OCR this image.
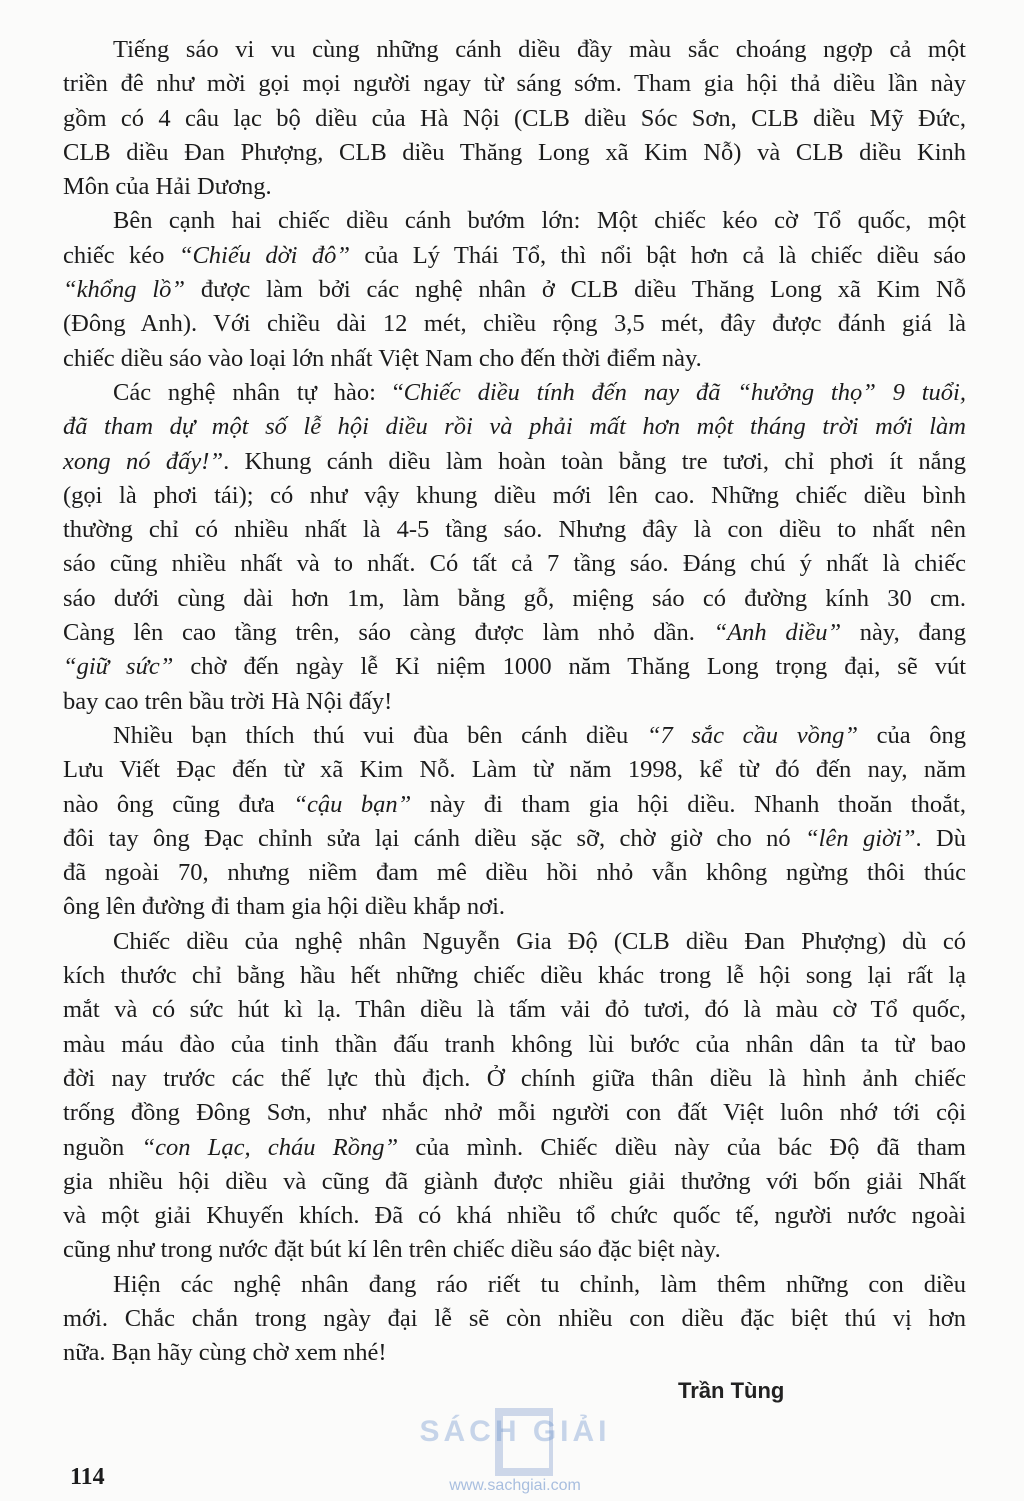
Tiếng sáo vi vu cùng những cánh diều đầy màu sắc choáng ngợp cả một
triền đê như mời gọi mọi người ngay từ sáng sớm. Tham gia hội thả diều lần này
gồm có 4 câu lạc bộ diều của Hà Nội (CLB diều Sóc Sơn, CLB diều Mỹ Đức,
CLB diều Đan Phượng, CLB diều Thăng Long xã Kim Nỗ) và CLB diều Kinh
Môn của Hải Dương.
Bên cạnh hai chiếc diều cánh bướm lớn: Một chiếc kéo cờ Tổ quốc, một
chiếc kéo “Chiếu dời đô” của Lý Thái Tổ, thì nổi bật hơn cả là chiếc diều sáo
“khổng lồ” được làm bởi các nghệ nhân ở CLB diều Thăng Long xã Kim Nỗ
(Đông Anh). Với chiều dài 12 mét, chiều rộng 3,5 mét, đây được đánh giá là
chiếc diều sáo vào loại lớn nhất Việt Nam cho đến thời điểm này.
Các nghệ nhân tự hào: “Chiếc diều tính đến nay đã “hưởng thọ” 9 tuổi,
đã tham dự một số lễ hội diều rồi và phải mất hơn một tháng trời mới làm
xong nó đấy!”. Khung cánh diều làm hoàn toàn bằng tre tươi, chỉ phơi ít nắng
(gọi là phơi tái); có như vậy khung diều mới lên cao. Những chiếc diều bình
thường chỉ có nhiều nhất là 4-5 tầng sáo. Nhưng đây là con diều to nhất nên
sáo cũng nhiều nhất và to nhất. Có tất cả 7 tầng sáo. Đáng chú ý nhất là chiếc
sáo dưới cùng dài hơn 1m, làm bằng gỗ, miệng sáo có đường kính 30 cm.
Càng lên cao tầng trên, sáo càng được làm nhỏ dần. “Anh diều” này, đang
“giữ sức” chờ đến ngày lễ Kỉ niệm 1000 năm Thăng Long trọng đại, sẽ vút
bay cao trên bầu trời Hà Nội đấy!
Nhiều bạn thích thú vui đùa bên cánh diều “7 sắc cầu vồng” của ông
Lưu Viết Đạc đến từ xã Kim Nỗ. Làm từ năm 1998, kể từ đó đến nay, năm
nào ông cũng đưa “cậu bạn” này đi tham gia hội diều. Nhanh thoăn thoắt,
đôi tay ông Đạc chỉnh sửa lại cánh diều sặc sỡ, chờ giờ cho nó “lên giời”. Dù
đã ngoài 70, nhưng niềm đam mê diều hồi nhỏ vẫn không ngừng thôi thúc
ông lên đường đi tham gia hội diều khắp nơi.
Chiếc diều của nghệ nhân Nguyễn Gia Độ (CLB diều Đan Phượng) dù có
kích thước chỉ bằng hầu hết những chiếc diều khác trong lễ hội song lại rất lạ
mắt và có sức hút kì lạ. Thân diều là tấm vải đỏ tươi, đó là màu cờ Tổ quốc,
màu máu đào của tinh thần đấu tranh không lùi bước của nhân dân ta từ bao
đời nay trước các thế lực thù địch. Ở chính giữa thân diều là hình ảnh chiếc
trống đồng Đông Sơn, như nhắc nhở mỗi người con đất Việt luôn nhớ tới cội
nguồn “con Lạc, cháu Rồng” của mình. Chiếc diều này của bác Độ đã tham
gia nhiều hội diều và cũng đã giành được nhiều giải thưởng với bốn giải Nhất
và một giải Khuyến khích. Đã có khá nhiều tổ chức quốc tế, người nước ngoài
cũng như trong nước đặt bút kí lên trên chiếc diều sáo đặc biệt này.
Hiện các nghệ nhân đang ráo riết tu chỉnh, làm thêm những con diều
mới. Chắc chắn trong ngày đại lễ sẽ còn nhiều con diều đặc biệt thú vị hơn
nữa. Bạn hãy cùng chờ xem nhé!
Trần Tùng
114
SÁCH GIẢI
www.sachgiai.com
